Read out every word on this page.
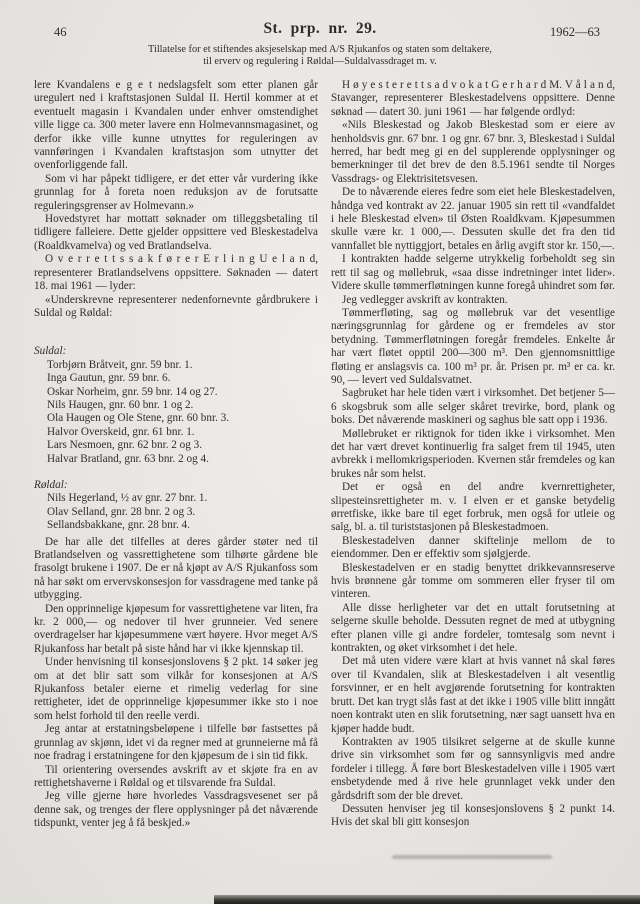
46	St. prp. nr. 29.	1962—63
Tillatelse for et stiftendes aksjeselskap med A/S Rjukanfos og staten som deltakere,
til erverv og regulering i Røldal—Suldalvassdraget m. v.

lere Kvandalens e g e t nedslagsfelt som etter planen går uregulert ned i kraftstasjonen Suldal II. Hertil kommer at et eventuelt magasin i Kvandalen under enhver omstendighet ville ligge ca. 300 meter lavere enn Holmevannsmagasinet, og derfor ikke ville kunne utnyttes for reguleringen av vannføringen i Kvandalen kraftstasjon som utnytter det ovenforliggende fall.

Som vi har påpekt tidligere, er det etter vår vurdering ikke grunnlag for å foreta noen reduksjon av de forutsatte reguleringsgrenser av Holmevann.»

Hovedstyret har mottatt søknader om tilleggsbetaling til tidligere falleiere. Dette gjelder oppsittere ved Bleskestadelva (Roaldkvamelva) og ved Bratlandselva.

O v e r r e t t s s a k f ø r e r E r l i n g U e l a n d, representerer Bratlandselvens oppsittere. Søknaden — datert 18. mai 1961 — lyder:

«Underskrevne representerer nedenfornevnte gårdbrukere i Suldal og Røldal:

Suldal:

Torbjørn Bråtveit, gnr. 59 bnr. 1.
Inga Gautun, gnr. 59 bnr. 6.
Oskar Norheim, gnr. 59 bnr. 14 og 27.
Nils Haugen, gnr. 60 bnr. 1 og 2.
Ola Haugen og Ole Stene, gnr. 60 bnr. 3.
Halvor Overskeid, gnr. 61 bnr. 1.
Lars Nesmoen, gnr. 62 bnr. 2 og 3.
Halvar Bratland, gnr. 63 bnr. 2 og 4.

Røldal:

Nils Hegerland, ½ av gnr. 27 bnr. 1.
Olav Selland, gnr. 28 bnr. 2 og 3.
Sellandsbakkane, gnr. 28 bnr. 4.

De har alle det tilfelles at deres gårder støter ned til Bratlandselven og vassrettighetene som tilhørte gårdene ble frasolgt brukene i 1907. De er nå kjøpt av A/S Rjukanfoss som nå har søkt om ervervskonsesjon for vassdragene med tanke på utbygging.

Den opprinnelige kjøpesum for vassrettighetene var liten, fra kr. 2 000,— og nedover til hver grunneier. Ved senere overdragelser har kjøpesummene vært høyere. Hvor meget A/S Rjukanfoss har betalt på siste hånd har vi ikke kjennskap til.

Under henvisning til konsesjonslovens § 2 pkt. 14 søker jeg om at det blir satt som vilkår for konsesjonen at A/S Rjukanfoss betaler eierne et rimelig vederlag for sine rettigheter, idet de opprinnelige kjøpesummer ikke sto i noe som helst forhold til den reelle verdi.

Jeg antar at erstatningsbeløpene i tilfelle bør fastsettes på grunnlag av skjønn, idet vi da regner med at grunneierne må få noe fradrag i erstatningene for den kjøpesum de i sin tid fikk.

Til orientering oversendes avskrift av et skjøte fra en av rettighetshaverne i Røldal og et tilsvarende fra Suldal.

Jeg ville gjerne høre hvorledes Vassdragsvesenet ser på denne sak, og trenges der flere opplysninger på det nåværende tidspunkt, venter jeg å få beskjed.»

H ø y e s t e r e t t s a d v o k a t G e r h a r d M. V å l a n d, Stavanger, representerer Bleskestadelvens oppsittere. Denne søknad — datert 30. juni 1961 — har følgende ordlyd:

«Nils Bleskestad og Jakob Bleskestad som er eiere av henholdsvis gnr. 67 bnr. 1 og gnr. 67 bnr. 3, Bleskestad i Suldal herred, har bedt meg gi en del supplerende opplysninger og bemerkninger til det brev de den 8.5.1961 sendte til Norges Vassdrags- og Elektrisitetsvesen.

De to nåværende eieres fedre som eiet hele Bleskestadelven, håndga ved kontrakt av 22. januar 1905 sin rett til «vandfaldet i hele Bleskestad elven» til Østen Roaldkvam. Kjøpesummen skulle være kr. 1 000,—. Dessuten skulle det fra den tid vannfallet ble nyttiggjort, betales en årlig avgift stor kr. 150,—.

I kontrakten hadde selgerne utrykkelig forbeholdt seg sin rett til sag og møllebruk, «saa disse indretninger intet lider». Videre skulle tømmerfløtningen kunne foregå uhindret som før.

Jeg vedlegger avskrift av kontrakten.

Tømmerfløting, sag og møllebruk var det vesentlige næringsgrunnlag for gårdene og er fremdeles av stor betydning. Tømmerfløtningen foregår fremdeles. Enkelte år har vært fløtet opptil 200—300 m³. Den gjennomsnittlige fløting er anslagsvis ca. 100 m³ pr. år. Prisen pr. m³ er ca. kr. 90, — levert ved Suldalsvatnet.

Sagbruket har hele tiden vært i virksomhet. Det betjener 5—6 skogsbruk som alle selger skåret trevirke, bord, plank og boks. Det nåværende maskineri og saghus ble satt opp i 1936.

Møllebruket er riktignok for tiden ikke i virksomhet. Men det har vært drevet kontinuerlig fra salget frem til 1945, uten avbrekk i mellomkrigsperioden. Kvernen står fremdeles og kan brukes når som helst.

Det er også en del andre kvernrettigheter, slipesteinsrettigheter m. v. I elven er et ganske betydelig ørretfiske, ikke bare til eget forbruk, men også for utleie og salg, bl. a. til turiststasjonen på Bleskestadmoen.

Bleskestadelven danner skiftelinje mellom de to eiendommer. Den er effektiv som sjølgjerde.

Bleskestadelven er en stadig benyttet drikkevannsreserve hvis brønnene går tomme om sommeren eller fryser til om vinteren.

Alle disse herligheter var det en uttalt forutsetning at selgerne skulle beholde. Dessuten regnet de med at utbygning efter planen ville gi andre fordeler, tomtesalg som nevnt i kontrakten, og øket virksomhet i det hele.

Det må uten videre være klart at hvis vannet nå skal føres over til Kvandalen, slik at Bleskestadelven i alt vesentlig forsvinner, er en helt avgjørende forutsetning for kontrakten brutt. Det kan trygt slås fast at det ikke i 1905 ville blitt inngått noen kontrakt uten en slik forutsetning, nær sagt uansett hva en kjøper hadde budt.

Kontrakten av 1905 tilsikret selgerne at de skulle kunne drive sin virksomhet som før og sannsynligvis med andre fordeler i tillegg. Å føre bort Bleskestadelven ville i 1905 vært ensbetydende med å rive hele grunnlaget vekk under den gårdsdrift som der ble drevet.

Dessuten henviser jeg til konsesjonslovens § 2 punkt 14. Hvis det skal bli gitt konsesjon
